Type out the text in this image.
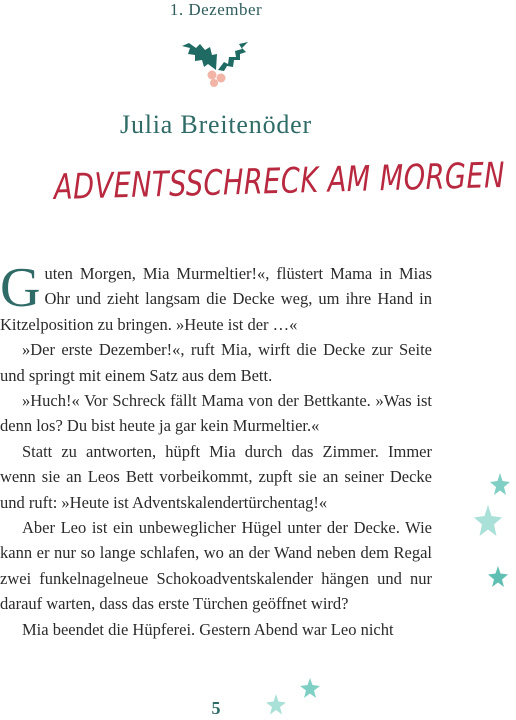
1. Dezember
Julia Breitenöder
ADVENTSSCHRECK AM MORGEN

Guten Morgen, Mia Murmeltier!«, flüstert Mama in Mias Ohr und zieht langsam die Decke weg, um ihre Hand in Kitzelposition zu bringen. »Heute ist der …«

»Der erste Dezember!«, ruft Mia, wirft die Decke zur Seite und springt mit einem Satz aus dem Bett.

»Huch!« Vor Schreck fällt Mama von der Bettkante. »Was ist denn los? Du bist heute ja gar kein Murmeltier.«

Statt zu antworten, hüpft Mia durch das Zimmer. Immer wenn sie an Leos Bett vorbeikommt, zupft sie an seiner Decke und ruft: »Heute ist Adventskalendertürchentag!«

Aber Leo ist ein unbeweglicher Hügel unter der Decke. Wie kann er nur so lange schlafen, wo an der Wand neben dem Regal zwei funkelnagelneue Schokoadventskalender hängen und nur darauf warten, dass das erste Türchen geöffnet wird?

Mia beendet die Hüpferei. Gestern Abend war Leo nicht

5
